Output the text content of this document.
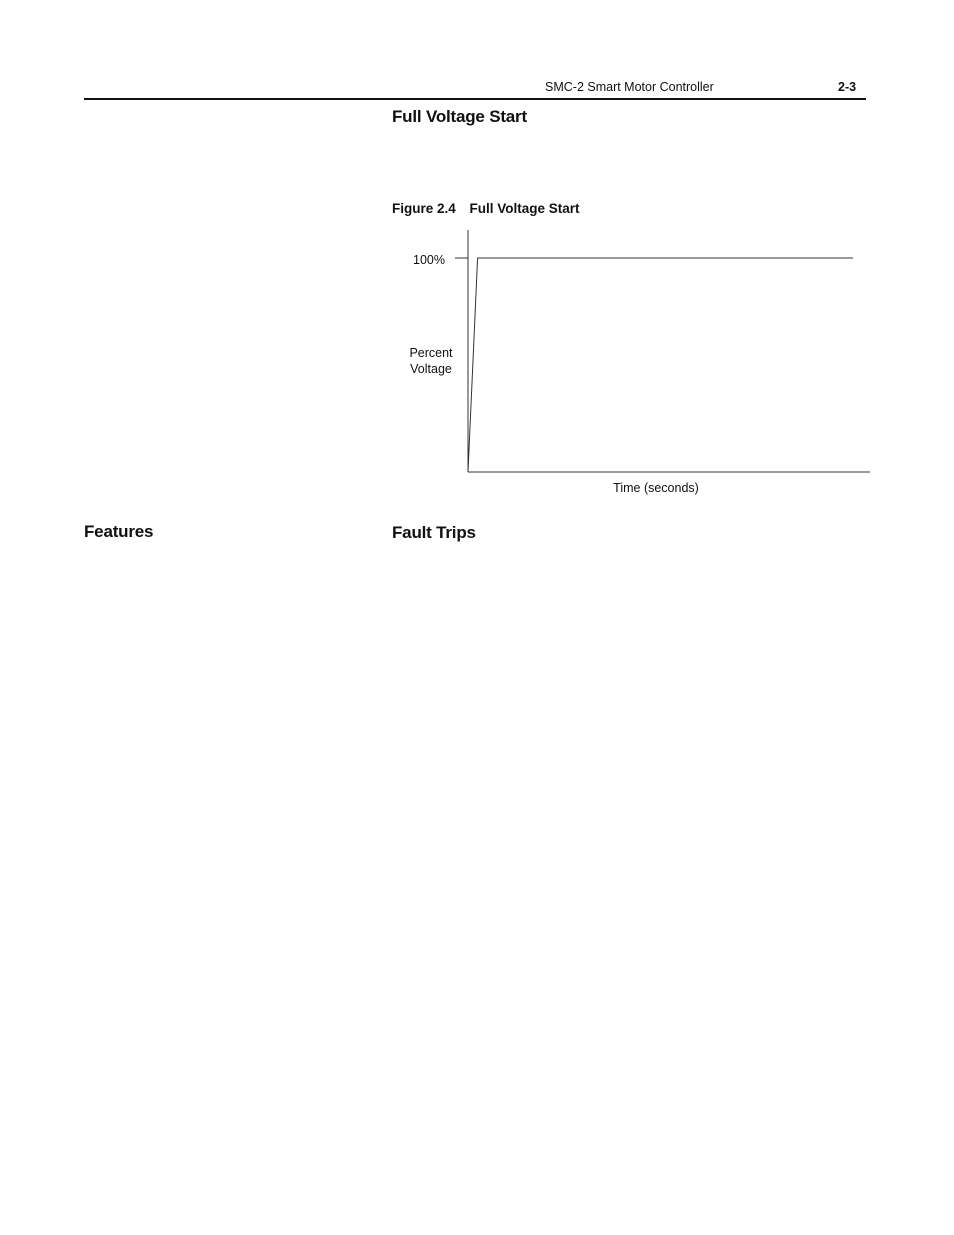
SMC-2 Smart Motor Controller	2-3
Full Voltage Start
Figure 2.4 Full Voltage Start
100%
Percent
Voltage
Time (seconds)
Features	Fault Trips
